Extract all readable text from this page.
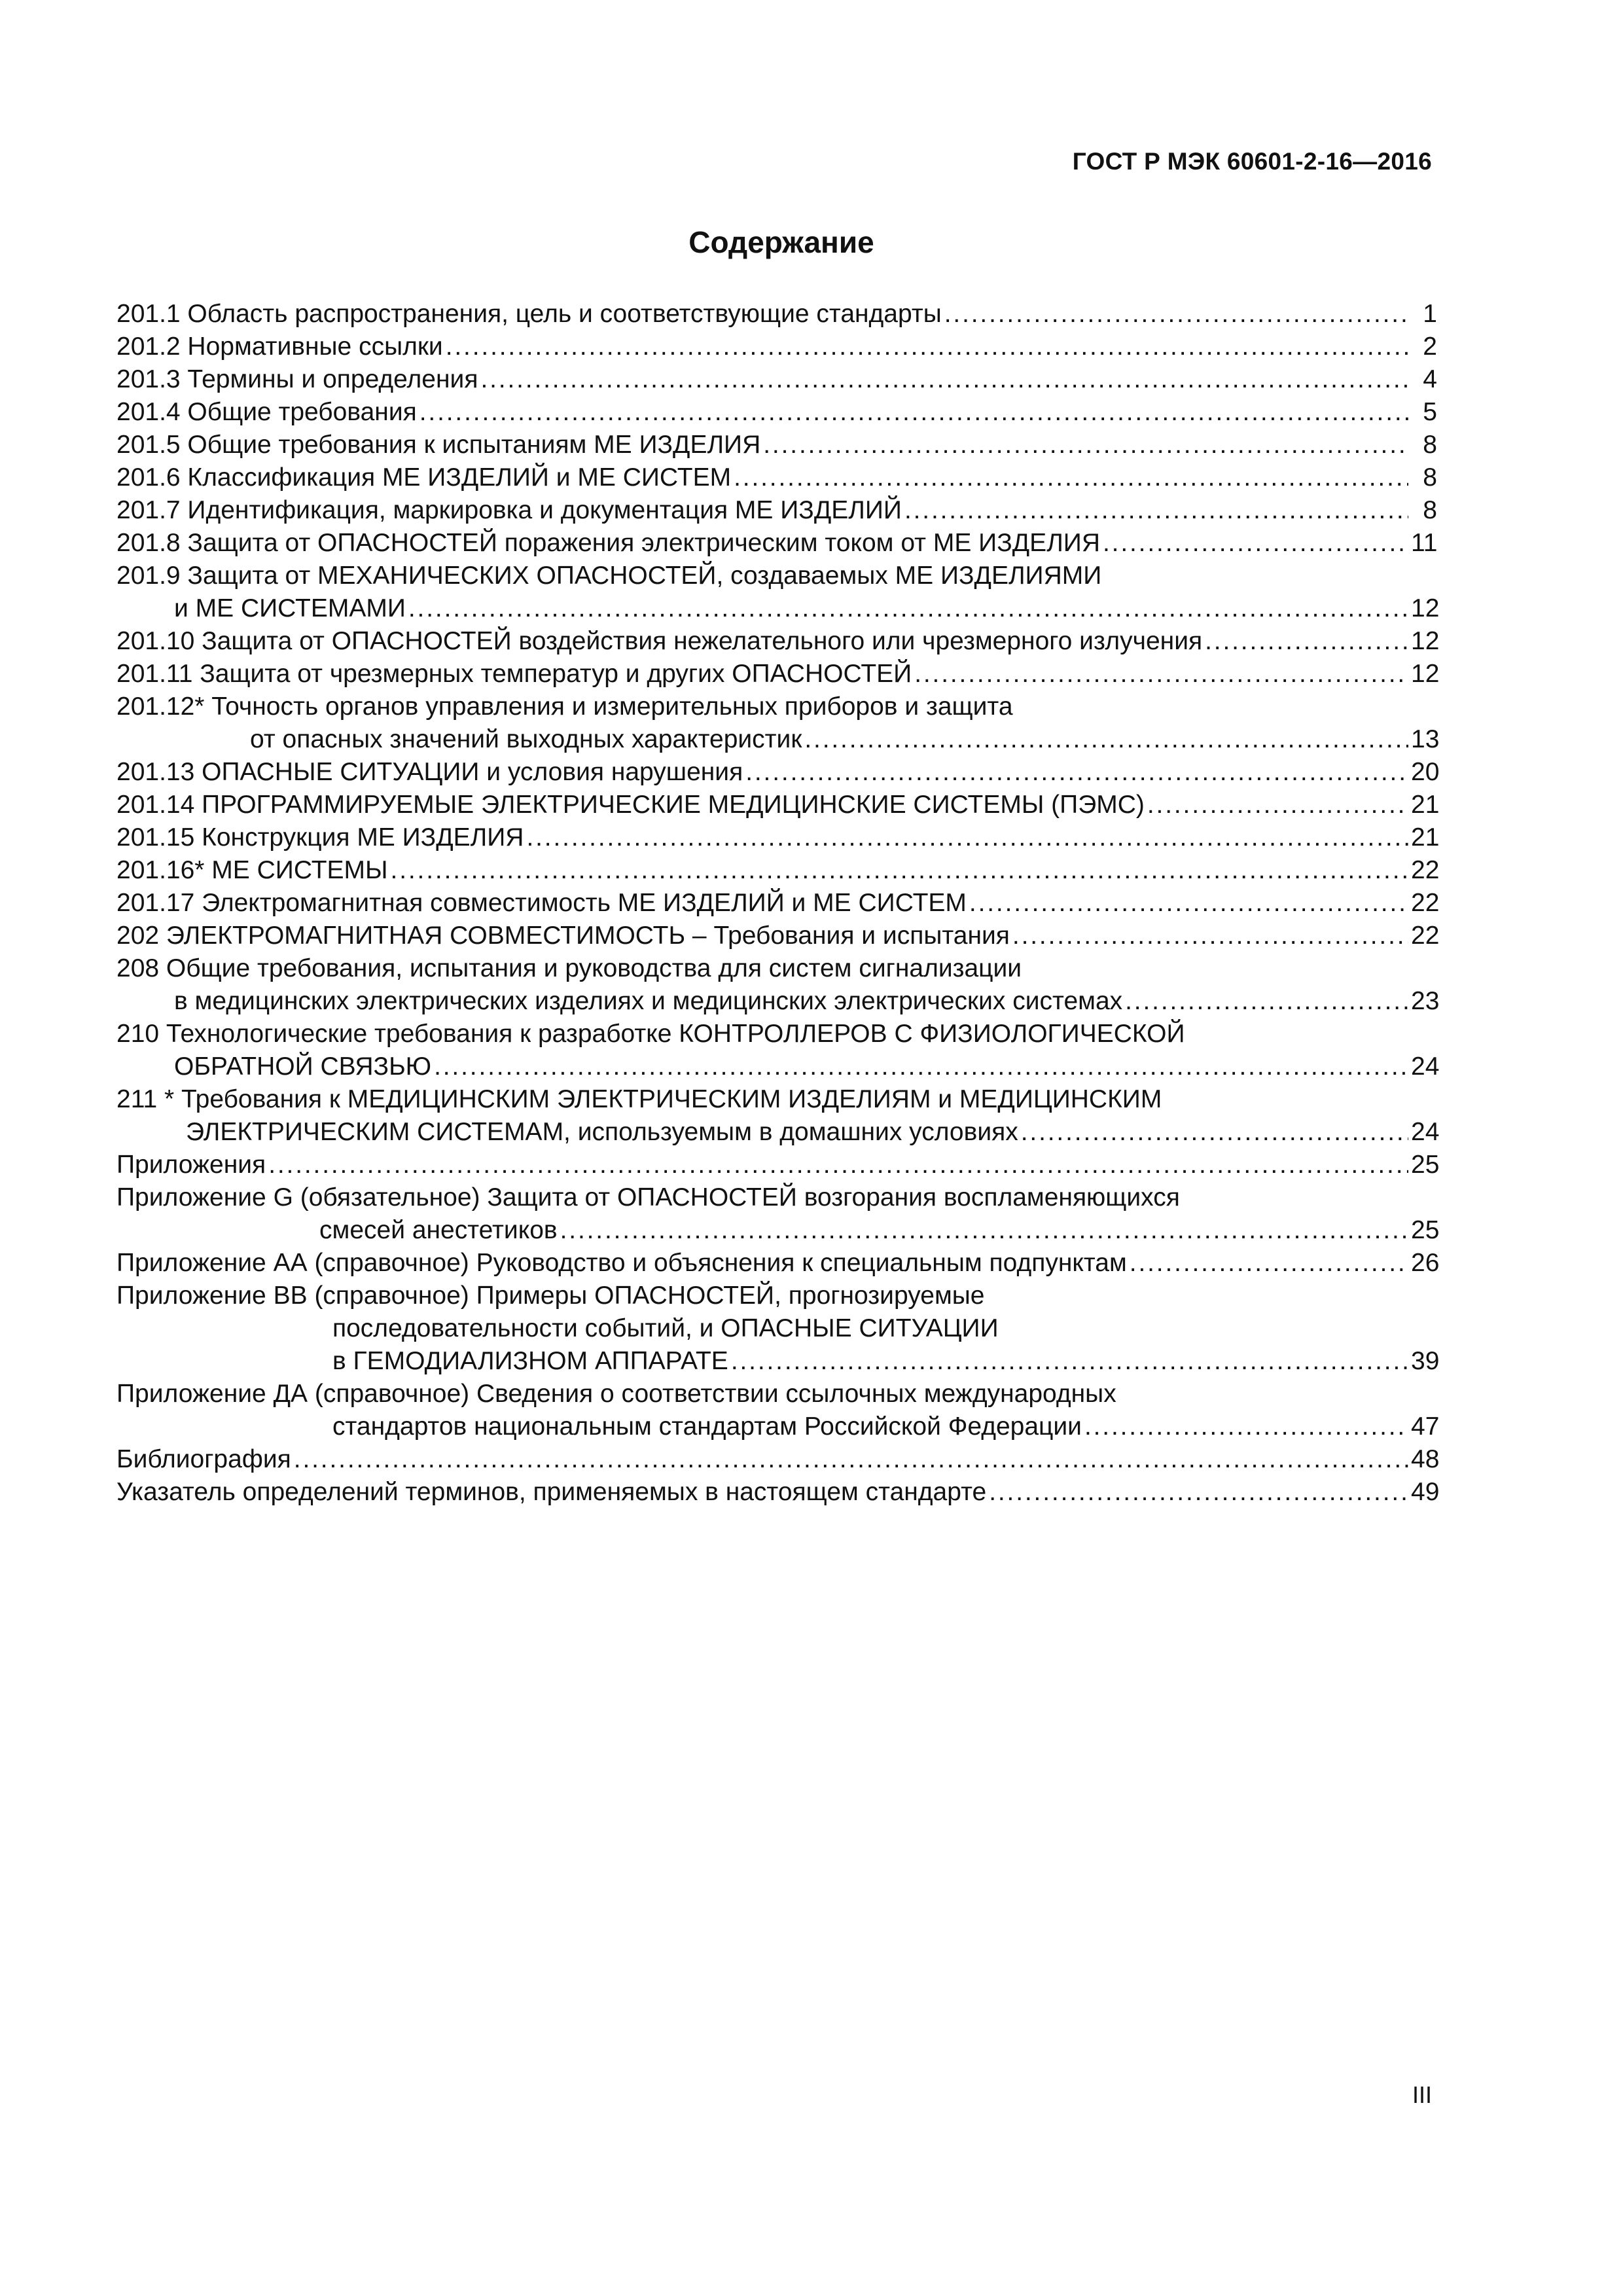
ГОСТ Р МЭК 60601-2-16—2016
Содержание
201.1 Область распространения, цель и соответствующие стандарты . . .	1
201.2 Нормативные ссылки . . .	2
201.3 Термины и определения . . .	4
201.4 Общие требования . . .	5
201.5 Общие требования к испытаниям МЕ ИЗДЕЛИЯ . . .	8
201.6 Классификация МЕ ИЗДЕЛИЙ и МЕ СИСТЕМ . . .	8
201.7 Идентификация, маркировка и документация МЕ ИЗДЕЛИЙ . . .	8
201.8 Защита от ОПАСНОСТЕЙ поражения электрическим током от МЕ ИЗДЕЛИЯ . . .	11
201.9 Защита от МЕХАНИЧЕСКИХ ОПАСНОСТЕЙ, создаваемых МЕ ИЗДЕЛИЯМИ
и МЕ СИСТЕМАМИ . . .	12
201.10 Защита от ОПАСНОСТЕЙ воздействия нежелательного или чрезмерного излучения . . .	12
201.11 Защита от чрезмерных температур и других ОПАСНОСТЕЙ . . .	12
201.12* Точность органов управления и измерительных приборов и защита
от опасных значений выходных характеристик . . .	13
201.13 ОПАСНЫЕ СИТУАЦИИ и условия нарушения . . .	20
201.14 ПРОГРАММИРУЕМЫЕ ЭЛЕКТРИЧЕСКИЕ МЕДИЦИНСКИЕ СИСТЕМЫ (ПЭМС) . . .	21
201.15 Конструкция МЕ ИЗДЕЛИЯ . . .	21
201.16* МЕ СИСТЕМЫ . . .	22
201.17 Электромагнитная совместимость МЕ ИЗДЕЛИЙ и МЕ СИСТЕМ . . .	22
202 ЭЛЕКТРОМАГНИТНАЯ СОВМЕСТИМОСТЬ – Требования и испытания . . .	22
208 Общие требования, испытания и руководства для систем сигнализации
в медицинских электрических изделиях и медицинских электрических системах . . .	23
210 Технологические требования к разработке КОНТРОЛЛЕРОВ С ФИЗИОЛОГИЧЕСКОЙ
ОБРАТНОЙ СВЯЗЬЮ . . .	24
211 * Требования к МЕДИЦИНСКИМ ЭЛЕКТРИЧЕСКИМ ИЗДЕЛИЯМ и МЕДИЦИНСКИМ
ЭЛЕКТРИЧЕСКИМ СИСТЕМАМ, используемым в домашних условиях . . .	24
Приложения . . .	25
Приложение G (обязательное) Защита от ОПАСНОСТЕЙ возгорания воспламеняющихся
смесей анестетиков . . .	25
Приложение АА (справочное) Руководство и объяснения к специальным подпунктам . . .	26
Приложение ВВ (справочное) Примеры ОПАСНОСТЕЙ, прогнозируемые
последовательности событий, и ОПАСНЫЕ СИТУАЦИИ
в ГЕМОДИАЛИЗНОМ АППАРАТЕ . . .	39
Приложение ДА (справочное) Сведения о соответствии ссылочных международных
стандартов национальным стандартам Российской Федерации . . .	47
Библиография . . .	48
Указатель определений терминов, применяемых в настоящем стандарте . . .	49
III
